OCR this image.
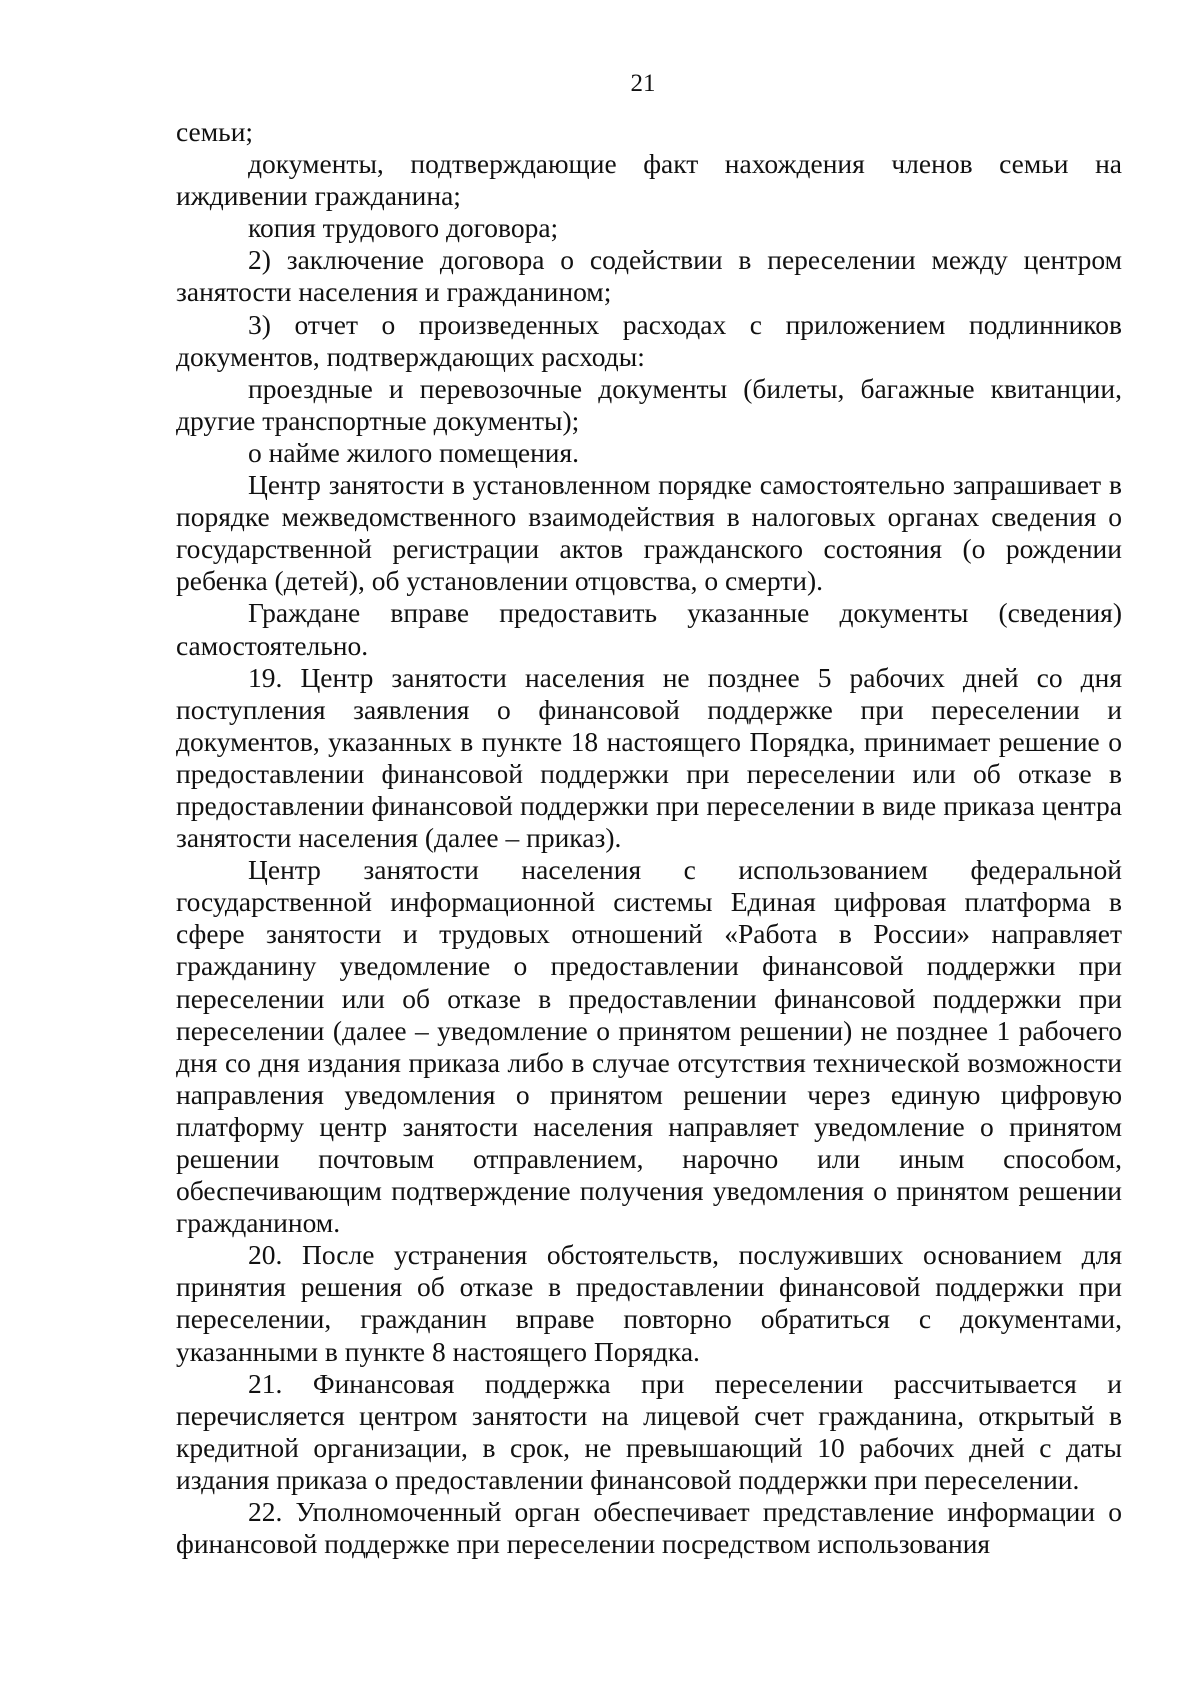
21

семьи;

документы, подтверждающие факт нахождения членов семьи на иждивении гражданина;

копия трудового договора;

2) заключение договора о содействии в переселении между центром занятости населения и гражданином;

3) отчет о произведенных расходах с приложением подлинников документов, подтверждающих расходы:

проездные и перевозочные документы (билеты, багажные квитанции, другие транспортные документы);

о найме жилого помещения.

Центр занятости в установленном порядке самостоятельно запрашивает в порядке межведомственного взаимодействия в налоговых органах сведения о государственной регистрации актов гражданского состояния (о рождении ребенка (детей), об установлении отцовства, о смерти).

Граждане вправе предоставить указанные документы (сведения) самостоятельно.

19. Центр занятости населения не позднее 5 рабочих дней со дня поступления заявления о финансовой поддержке при переселении и документов, указанных в пункте 18 настоящего Порядка, принимает решение о предоставлении финансовой поддержки при переселении или об отказе в предоставлении финансовой поддержки при переселении в виде приказа центра занятости населения (далее – приказ).

Центр занятости населения с использованием федеральной государственной информационной системы Единая цифровая платформа в сфере занятости и трудовых отношений «Работа в России» направляет гражданину уведомление о предоставлении финансовой поддержки при переселении или об отказе в предоставлении финансовой поддержки при переселении (далее – уведомление о принятом решении) не позднее 1 рабочего дня со дня издания приказа либо в случае отсутствия технической возможности направления уведомления о принятом решении через единую цифровую платформу центр занятости населения направляет уведомление о принятом решении почтовым отправлением, нарочно или иным способом, обеспечивающим подтверждение получения уведомления о принятом решении гражданином.

20. После устранения обстоятельств, послуживших основанием для принятия решения об отказе в предоставлении финансовой поддержки при переселении, гражданин вправе повторно обратиться с документами, указанными в пункте 8 настоящего Порядка.

21. Финансовая поддержка при переселении рассчитывается и перечисляется центром занятости на лицевой счет гражданина, открытый в кредитной организации, в срок, не превышающий 10 рабочих дней с даты издания приказа о предоставлении финансовой поддержки при переселении.

22. Уполномоченный орган обеспечивает представление информации о финансовой поддержке при переселении посредством использования
